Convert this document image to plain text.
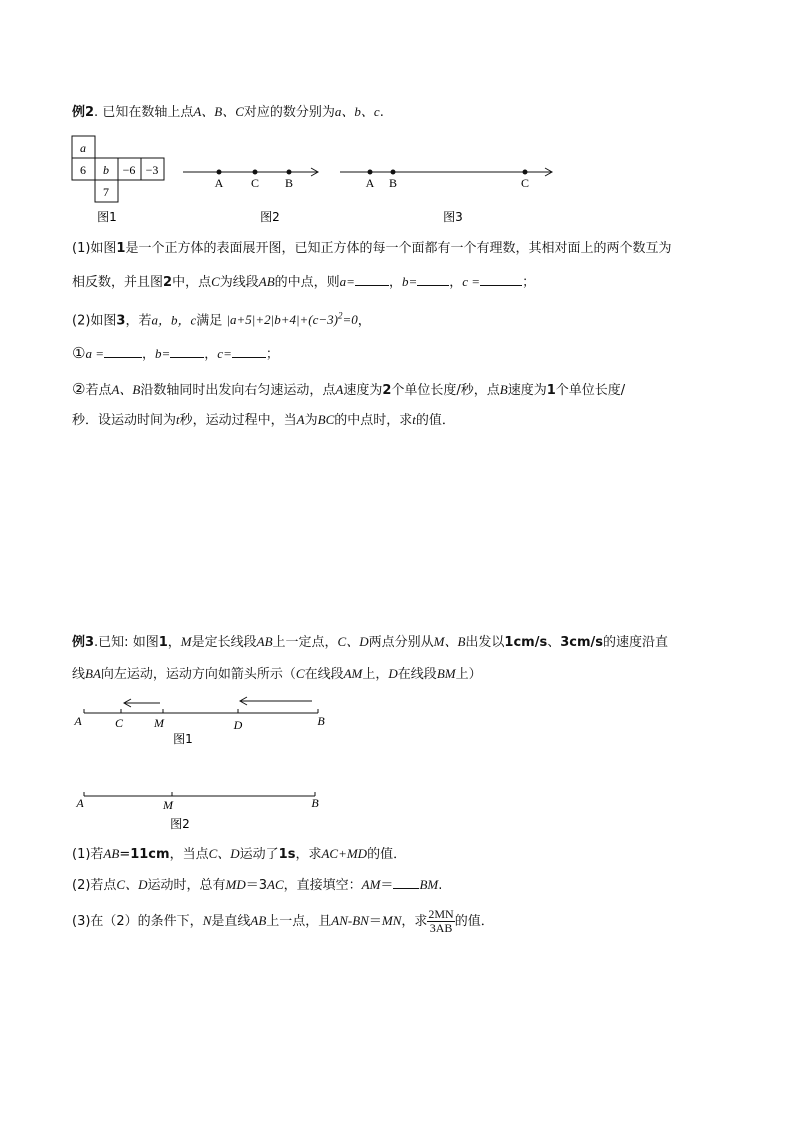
例2. 已知在数轴上点A、B、C对应的数分别为a、b、c.
a
6 b −6 −3
7
A C B	A B	C
图1	图2	图3
(1)如图1是一个正方体的表面展开图，已知正方体的每一个面都有一个有理数，其相对面上的两个数互为
相反数，并且图2中，点C为线段AB的中点，则a=	，b= ，c =	；
(2)如图3，若a，b，c满足 $|a+5|+2|b+4|+(c-3)^2=0$，
①a =	，b=	，c=	；
②若点A、B沿数轴同时出发向右匀速运动，点A速度为2个单位长度/秒，点B速度为1个单位长度/
秒．设运动时间为t秒，运动过程中，当A为BC的中点时，求t的值．
例3.已知: 如图1，M是定长线段AB上一定点，C、D两点分别从M、B出发以1cm/s、3cm/s的速度沿直
线BA向左运动，运动方向如箭头所示（C在线段AM上，D在线段BM上）
A	C	M	D	B
图1
A	M	B
图2
(1)若AB=11cm，当点C、D运动了1s，求AC+MD的值．
(2)若点C、D运动时，总有MD＝3AC，直接填空：AM＝ BM.
(3)在（2）的条件下，N是直线AB上一点，且AN-BN＝MN，求 $\frac{2MN}{3AB}$ 的值．
